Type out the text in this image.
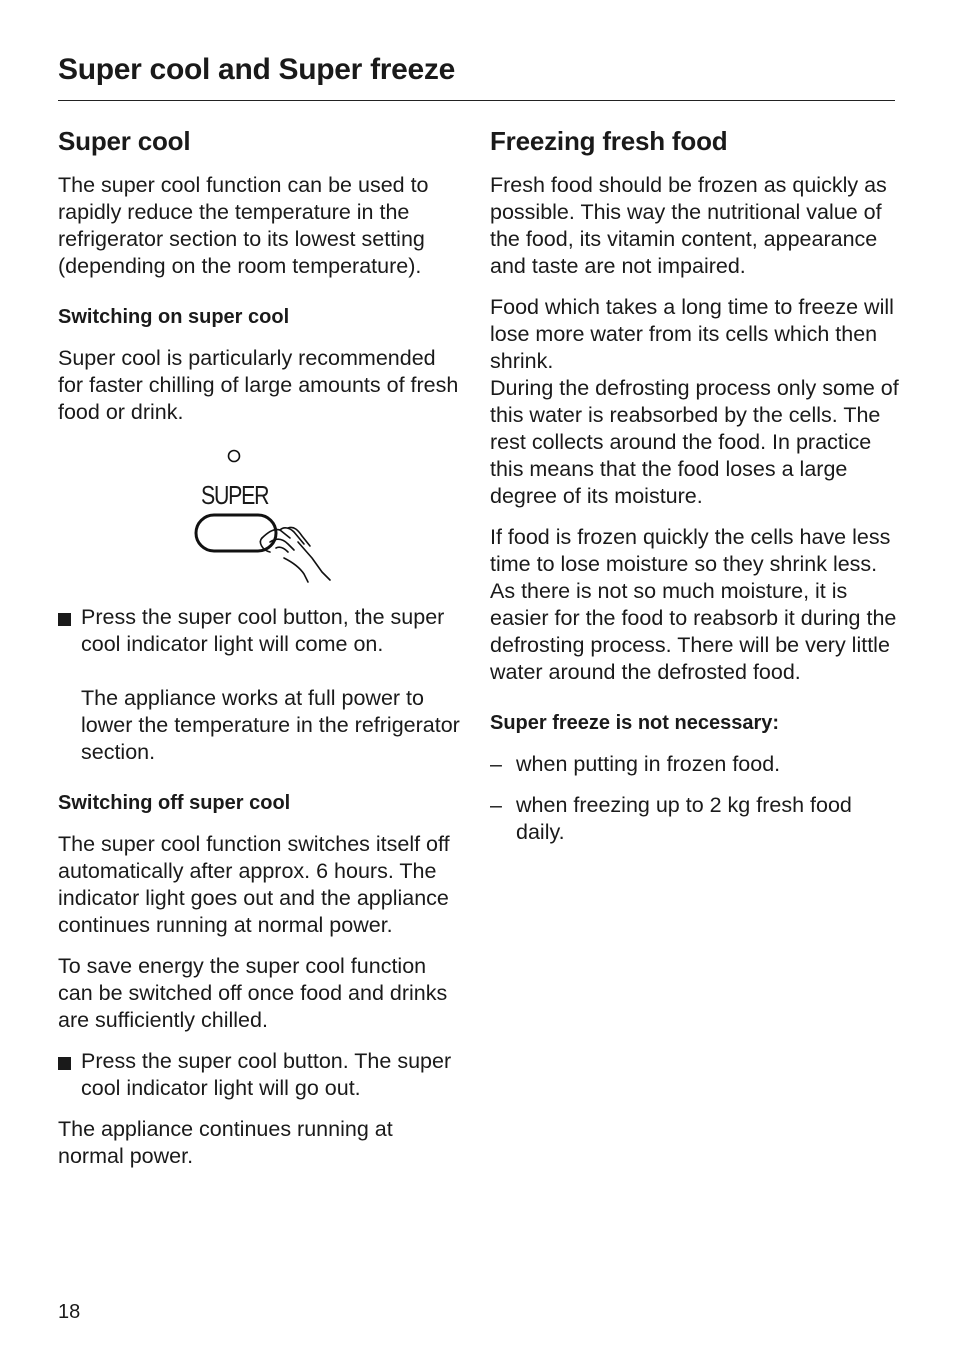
Super cool and Super freeze
Super cool

The super cool function can be used to rapidly reduce the temperature in the refrigerator section to its lowest setting (depending on the room temperature).

Switching on super cool

Super cool is particularly recommended for faster chilling of large amounts of fresh food or drink.

SUPER

Press the super cool button, the super cool indicator light will come on.

The appliance works at full power to lower the temperature in the refrigerator section.

Switching off super cool

The super cool function switches itself off automatically after approx. 6 hours. The indicator light goes out and the appliance continues running at normal power.

To save energy the super cool function can be switched off once food and drinks are sufficiently chilled.

Press the super cool button. The super cool indicator light will go out.

The appliance continues running at normal power.

Freezing fresh food

Fresh food should be frozen as quickly as possible. This way the nutritional value of the food, its vitamin content, appearance and taste are not impaired.

Food which takes a long time to freeze will lose more water from its cells which then shrink.

During the defrosting process only some of this water is reabsorbed by the cells. The rest collects around the food. In practice this means that the food loses a large degree of its moisture.

If food is frozen quickly the cells have less time to lose moisture so they shrink less. As there is not so much moisture, it is easier for the food to reabsorb it during the defrosting process. There will be very little water around the defrosted food.

Super freeze is not necessary:
– when putting in frozen food.

– when freezing up to 2 kg fresh food daily.

18
